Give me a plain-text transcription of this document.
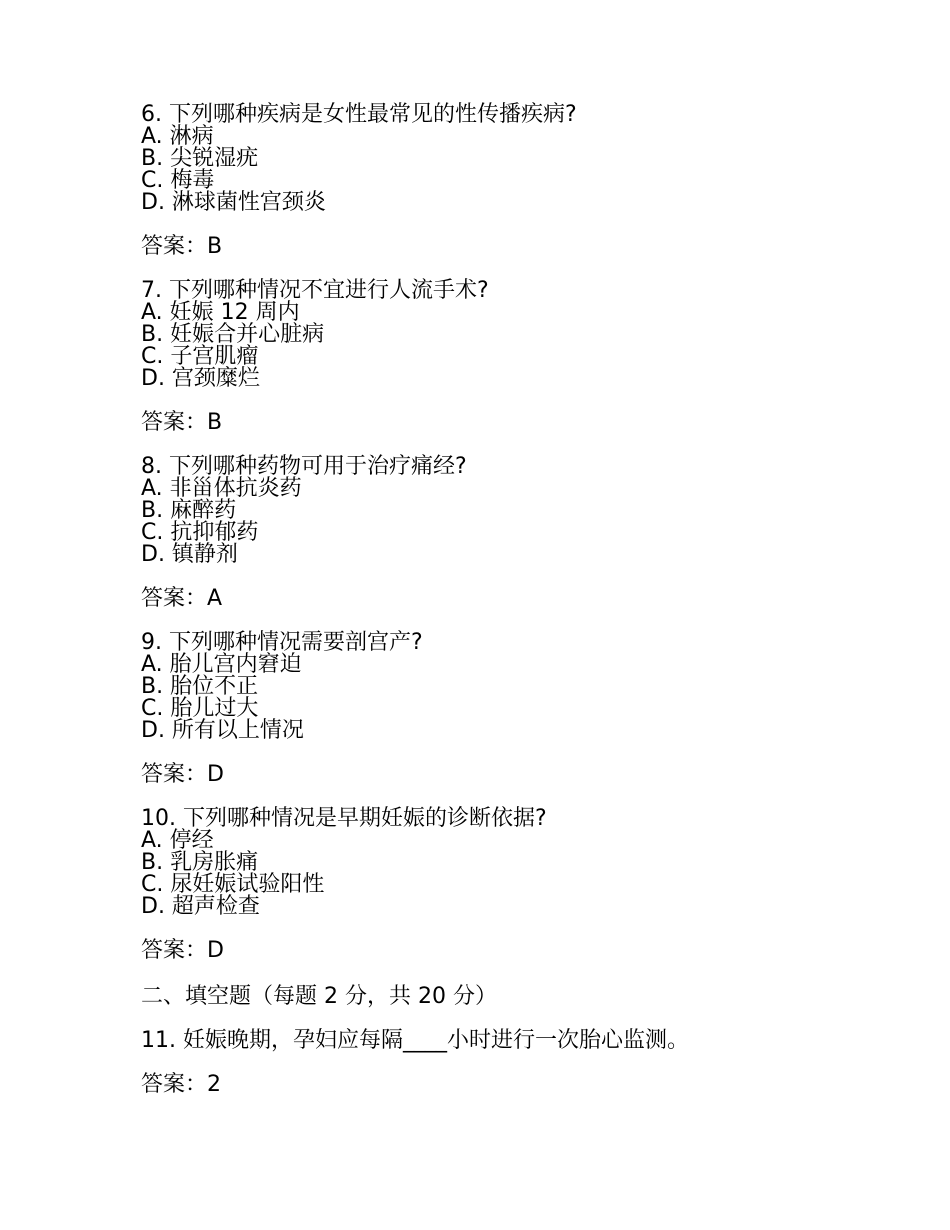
6. 下列哪种疾病是女性最常见的性传播疾病?
A. 淋病
B. 尖锐湿疣
C. 梅毒
D. 淋球菌性宫颈炎
答案：B
7. 下列哪种情况不宜进行人流手术?
A. 妊娠 12 周内
B. 妊娠合并心脏病
C. 子宫肌瘤
D. 宫颈糜烂
答案：B
8. 下列哪种药物可用于治疗痛经?
A. 非甾体抗炎药
B. 麻醉药
C. 抗抑郁药
D. 镇静剂
答案：A
9. 下列哪种情况需要剖宫产?
A. 胎儿宫内窘迫
B. 胎位不正
C. 胎儿过大
D. 所有以上情况
答案：D
10. 下列哪种情况是早期妊娠的诊断依据?
A. 停经
B. 乳房胀痛
C. 尿妊娠试验阳性
D. 超声检查
答案：D
二、填空题（每题 2 分，共 20 分）
11. 妊娠晚期，孕妇应每隔____小时进行一次胎心监测。
答案：2
